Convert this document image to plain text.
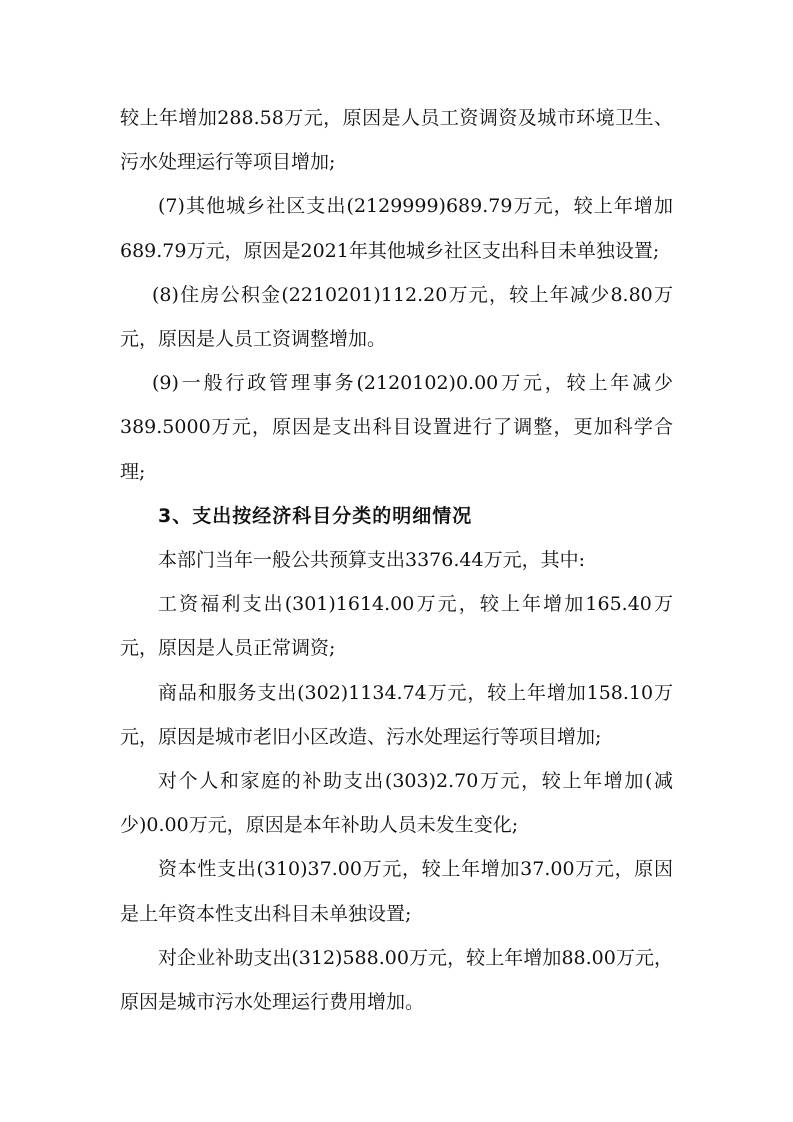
较上年增加288.58万元，原因是人员工资调资及城市环境卫生、污水处理运行等项目增加;

(7)其他城乡社区支出(2129999)689.79万元，较上年增加689.79万元，原因是2021年其他城乡社区支出科目未单独设置;

(8)住房公积金(2210201)112.20万元，较上年减少8.80万元，原因是人员工资调整增加。

(9)一般行政管理事务(2120102)0.00万元，较上年减少389.5000万元，原因是支出科目设置进行了调整，更加科学合理;

3、支出按经济科目分类的明细情况

本部门当年一般公共预算支出3376.44万元，其中:

工资福利支出(301)1614.00万元，较上年增加165.40万元，原因是人员正常调资;

商品和服务支出(302)1134.74万元，较上年增加158.10万元，原因是城市老旧小区改造、污水处理运行等项目增加;

对个人和家庭的补助支出(303)2.70万元，较上年增加(减少)0.00万元，原因是本年补助人员未发生变化;

资本性支出(310)37.00万元，较上年增加37.00万元，原因是上年资本性支出科目未单独设置;

对企业补助支出(312)588.00万元，较上年增加88.00万元，原因是城市污水处理运行费用增加。
